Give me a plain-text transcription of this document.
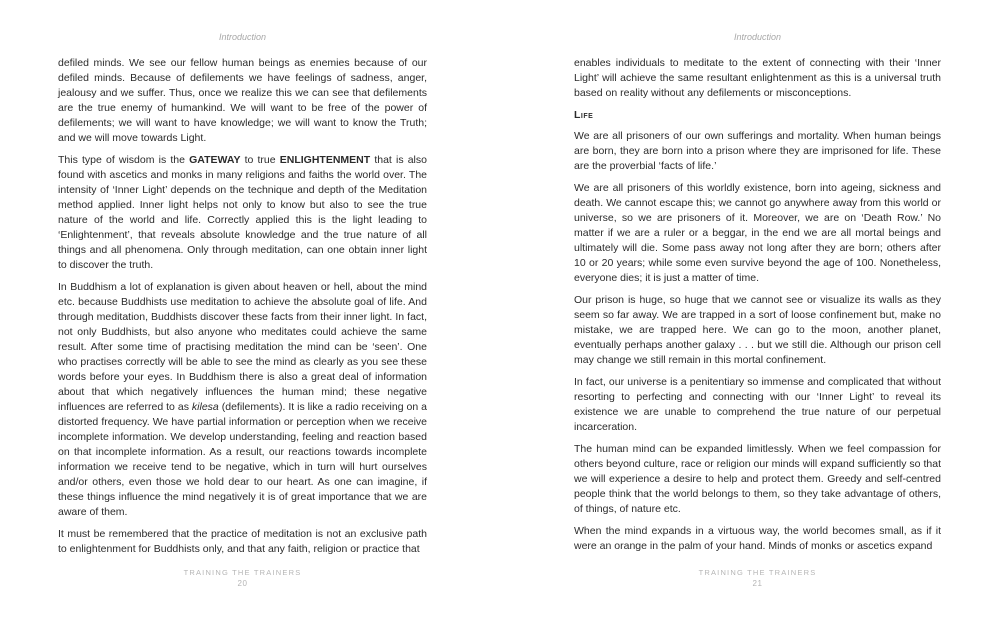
Introduction

defiled minds. We see our fellow human beings as enemies because of our defiled minds. Because of defilements we have feelings of sadness, anger, jealousy and we suffer. Thus, once we realize this we can see that defilements are the true enemy of humankind. We will want to be free of the power of defilements; we will want to have knowledge; we will want to know the Truth; and we will move towards Light.

This type of wisdom is the GATEWAY to true ENLIGHTENMENT that is also found with ascetics and monks in many religions and faiths the world over. The intensity of ‘Inner Light’ depends on the technique and depth of the Meditation method applied. Inner light helps not only to know but also to see the true nature of the world and life. Correctly applied this is the light leading to ‘Enlightenment’, that reveals absolute knowledge and the true nature of all things and all phenomena. Only through meditation, can one obtain inner light to discover the truth.

In Buddhism a lot of explanation is given about heaven or hell, about the mind etc. because Buddhists use meditation to achieve the absolute goal of life. And through meditation, Buddhists discover these facts from their inner light. In fact, not only Buddhists, but also anyone who meditates could achieve the same result. After some time of practising meditation the mind can be ‘seen’. One who practises correctly will be able to see the mind as clearly as you see these words before your eyes. In Buddhism there is also a great deal of information about that which negatively influences the human mind; these negative influences are referred to as kilesa (defilements). It is like a radio receiving on a distorted frequency. We have partial information or perception when we receive incomplete information. We develop understanding, feeling and reaction based on that incomplete information. As a result, our reactions towards incomplete information we receive tend to be negative, which in turn will hurt ourselves and/or others, even those we hold dear to our heart. As one can imagine, if these things influence the mind negatively it is of great importance that we are aware of them.

It must be remembered that the practice of meditation is not an exclusive path to enlightenment for Buddhists only, and that any faith, religion or practice that

TRAINING THE TRAINERS
20
Introduction

enables individuals to meditate to the extent of connecting with their ‘Inner Light’ will achieve the same resultant enlightenment as this is a universal truth based on reality without any defilements or misconceptions.

Life

We are all prisoners of our own sufferings and mortality. When human beings are born, they are born into a prison where they are imprisoned for life. These are the proverbial ‘facts of life.’

We are all prisoners of this worldly existence, born into ageing, sickness and death. We cannot escape this; we cannot go anywhere away from this world or universe, so we are prisoners of it. Moreover, we are on ‘Death Row.’ No matter if we are a ruler or a beggar, in the end we are all mortal beings and ultimately will die. Some pass away not long after they are born; others after 10 or 20 years; while some even survive beyond the age of 100. Nonetheless, everyone dies; it is just a matter of time.

Our prison is huge, so huge that we cannot see or visualize its walls as they seem so far away. We are trapped in a sort of loose confinement but, make no mistake, we are trapped here. We can go to the moon, another planet, eventually perhaps another galaxy . . . but we still die. Although our prison cell may change we still remain in this mortal confinement.

In fact, our universe is a penitentiary so immense and complicated that without resorting to perfecting and connecting with our ‘Inner Light’ to reveal its existence we are unable to comprehend the true nature of our perpetual incarceration.

The human mind can be expanded limitlessly. When we feel compassion for others beyond culture, race or religion our minds will expand sufficiently so that we will experience a desire to help and protect them. Greedy and self-centred people think that the world belongs to them, so they take advantage of others, of things, of nature etc.

When the mind expands in a virtuous way, the world becomes small, as if it were an orange in the palm of your hand. Minds of monks or ascetics expand

TRAINING THE TRAINERS
21
